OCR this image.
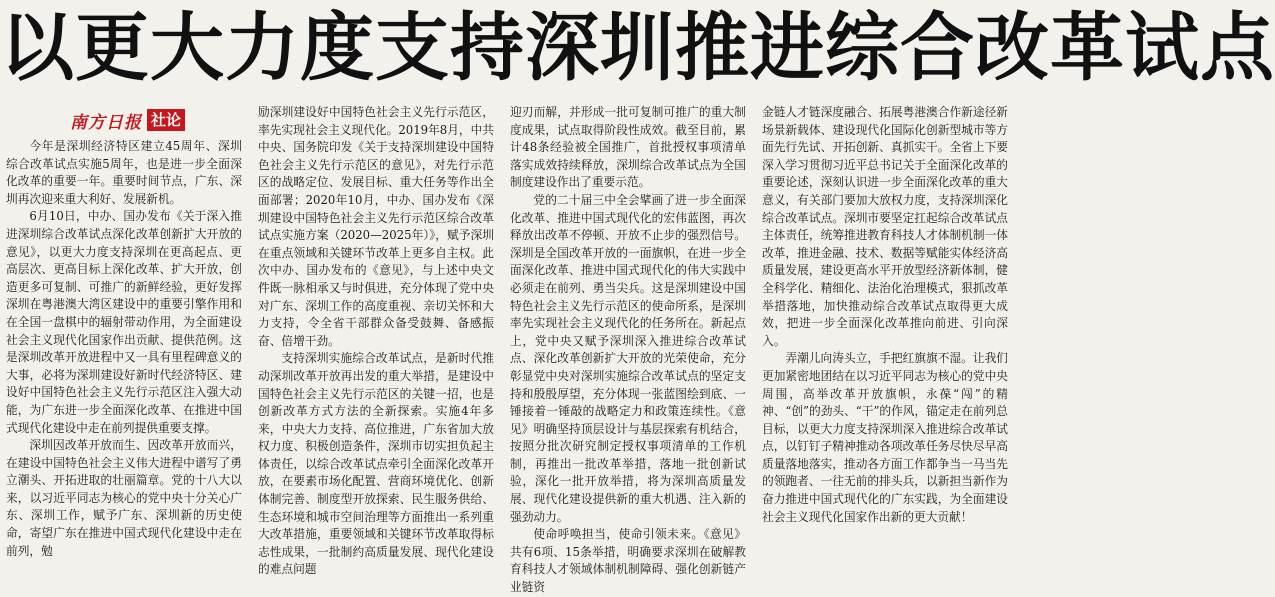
以更大力度支持深圳推进综合改革试点
南方日报 社论

今年是深圳经济特区建立45周年、深圳综合改革试点实施5周年，也是进一步全面深化改革的重要一年。重要时间节点，广东、深圳再次迎来重大利好、发展新机。

6月10日，中办、国办发布《关于深入推进深圳综合改革试点深化改革创新扩大开放的意见》，以更大力度支持深圳在更高起点、更高层次、更高目标上深化改革、扩大开放，创造更多可复制、可推广的新鲜经验，更好发挥深圳在粤港澳大湾区建设中的重要引擎作用和在全国一盘棋中的辐射带动作用，为全面建设社会主义现代化国家作出贡献、提供范例。这是深圳改革开放进程中又一具有里程碑意义的大事，必将为深圳建设好新时代经济特区、建设好中国特色社会主义先行示范区注入强大动能，为广东进一步全面深化改革、在推进中国式现代化建设中走在前列提供重要支撑。

深圳因改革开放而生、因改革开放而兴，在建设中国特色社会主义伟大进程中谱写了勇立潮头、开拓进取的壮丽篇章。党的十八大以来，以习近平同志为核心的党中央十分关心广东、深圳工作，赋予广东、深圳新的历史使命，寄望广东在推进中国式现代化建设中走在前列，勉

励深圳建设好中国特色社会主义先行示范区，率先实现社会主义现代化。2019年8月，中共中央、国务院印发《关于支持深圳建设中国特色社会主义先行示范区的意见》，对先行示范区的战略定位、发展目标、重大任务等作出全面部署；2020年10月，中办、国办发布《深圳建设中国特色社会主义先行示范区综合改革试点实施方案（2020—2025年）》，赋予深圳在重点领域和关键环节改革上更多自主权。此次中办、国办发布的《意见》，与上述中央文件既一脉相承又与时俱进，充分体现了党中央对广东、深圳工作的高度重视、亲切关怀和大力支持，令全省干部群众备受鼓舞、备感振奋、倍增干劲。

支持深圳实施综合改革试点，是新时代推动深圳改革开放再出发的重大举措，是建设中国特色社会主义先行示范区的关键一招，也是创新改革方式方法的全新探索。实施4年多来，中央大力支持、高位推进，广东省加大放权力度、积极创造条件，深圳市切实担负起主体责任，以综合改革试点牵引全面深化改革开放，在要素市场化配置、营商环境优化、创新体制完善、制度型开放探索、民生服务供给、生态环境和城市空间治理等方面推出一系列重大改革措施，重要领域和关键环节改革取得标志性成果，一批制约高质量发展、现代化建设的难点问题

迎刃而解，并形成一批可复制可推广的重大制度成果，试点取得阶段性成效。截至目前，累计48条经验被全国推广，首批授权事项清单落实成效持续释放，深圳综合改革试点为全国制度建设作出了重要示范。

党的二十届三中全会擘画了进一步全面深化改革、推进中国式现代化的宏伟蓝图，再次释放出改革不停顿、开放不止步的强烈信号。深圳是全国改革开放的一面旗帜，在进一步全面深化改革、推进中国式现代化的伟大实践中必须走在前列、勇当尖兵。这是深圳建设中国特色社会主义先行示范区的使命所系，是深圳率先实现社会主义现代化的任务所在。新起点上，党中央又赋予深圳深入推进综合改革试点、深化改革创新扩大开放的光荣使命，充分彰显党中央对深圳实施综合改革试点的坚定支持和殷殷厚望，充分体现一张蓝图绘到底、一锤接着一锤敲的战略定力和政策连续性。《意见》明确坚持顶层设计与基层探索有机结合，按照分批次研究制定授权事项清单的工作机制，再推出一批改革举措，落地一批创新试验，深化一批开放举措，将为深圳高质量发展、现代化建设提供新的重大机遇、注入新的强劲动力。

使命呼唤担当，使命引领未来。《意见》共有6项、15条举措，明确要求深圳在破解教育科技人才领域体制机制障碍、强化创新链产业链资

金链人才链深度融合、拓展粤港澳合作新途径新场景新载体、建设现代化国际化创新型城市等方面先行先试、开拓创新、真抓实干。全省上下要深入学习贯彻习近平总书记关于全面深化改革的重要论述，深刻认识进一步全面深化改革的重大意义，有关部门要加大放权力度，支持深圳深化综合改革试点。深圳市要坚定扛起综合改革试点主体责任，统筹推进教育科技人才体制机制一体改革，推进金融、技术、数据等赋能实体经济高质量发展，建设更高水平开放型经济新体制，健全科学化、精细化、法治化治理模式，狠抓改革举措落地，加快推动综合改革试点取得更大成效，把进一步全面深化改革推向前进、引向深入。

弄潮儿向涛头立，手把红旗旗不湿。让我们更加紧密地团结在以习近平同志为核心的党中央周围，高举改革开放旗帜，永葆“闯”的精神、“创”的劲头、“干”的作风，锚定走在前列总目标，以更大力度支持深圳深入推进综合改革试点，以钉钉子精神推动各项改革任务尽快尽早高质量落地落实，推动各方面工作都争当一马当先的领跑者、一往无前的排头兵，以新担当新作为奋力推进中国式现代化的广东实践，为全面建设社会主义现代化国家作出新的更大贡献！
